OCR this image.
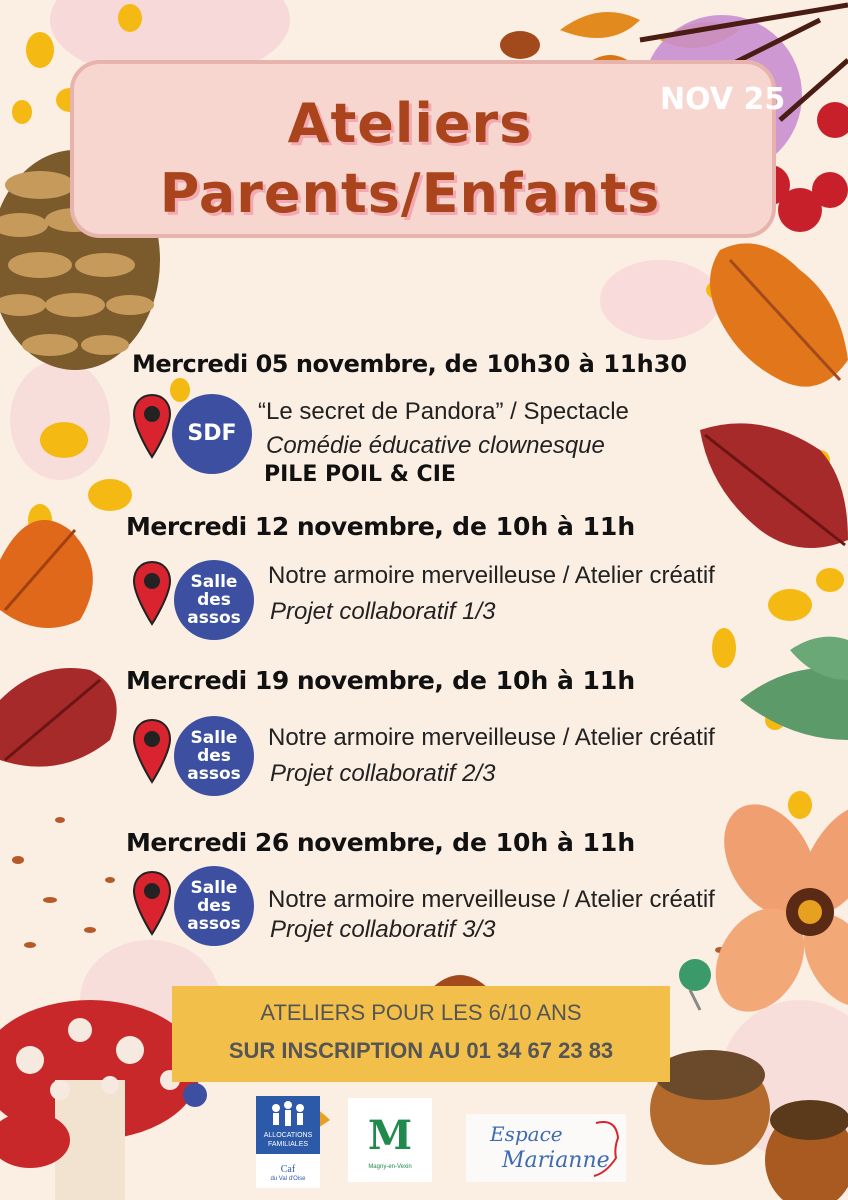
Ateliers
Parents/Enfants
NOV 25
Mercredi 05 novembre, de 10h30 à 11h30
SDF
“Le secret de Pandora” / Spectacle
Comédie éducative clownesque
PILE POIL & CIE
Mercredi 12 novembre, de 10h à 11h
Salle
des
assos
Notre armoire merveilleuse / Atelier créatif
Projet collaboratif 1/3
Mercredi 19 novembre, de 10h à 11h
Salle
des
assos
Notre armoire merveilleuse / Atelier créatif
Projet collaboratif 2/3
Mercredi 26 novembre, de 10h à 11h
Salle
des
assos
Notre armoire merveilleuse / Atelier créatif
Projet collaboratif 3/3
ATELIERS POUR LES 6/10 ANS
SUR INSCRIPTION AU 01 34 67 23 83
ALLOCATIONS
FAMILIALES
Caf
du Val d'Oise
M
Magny-en-Vexin
Espace
Marianne
